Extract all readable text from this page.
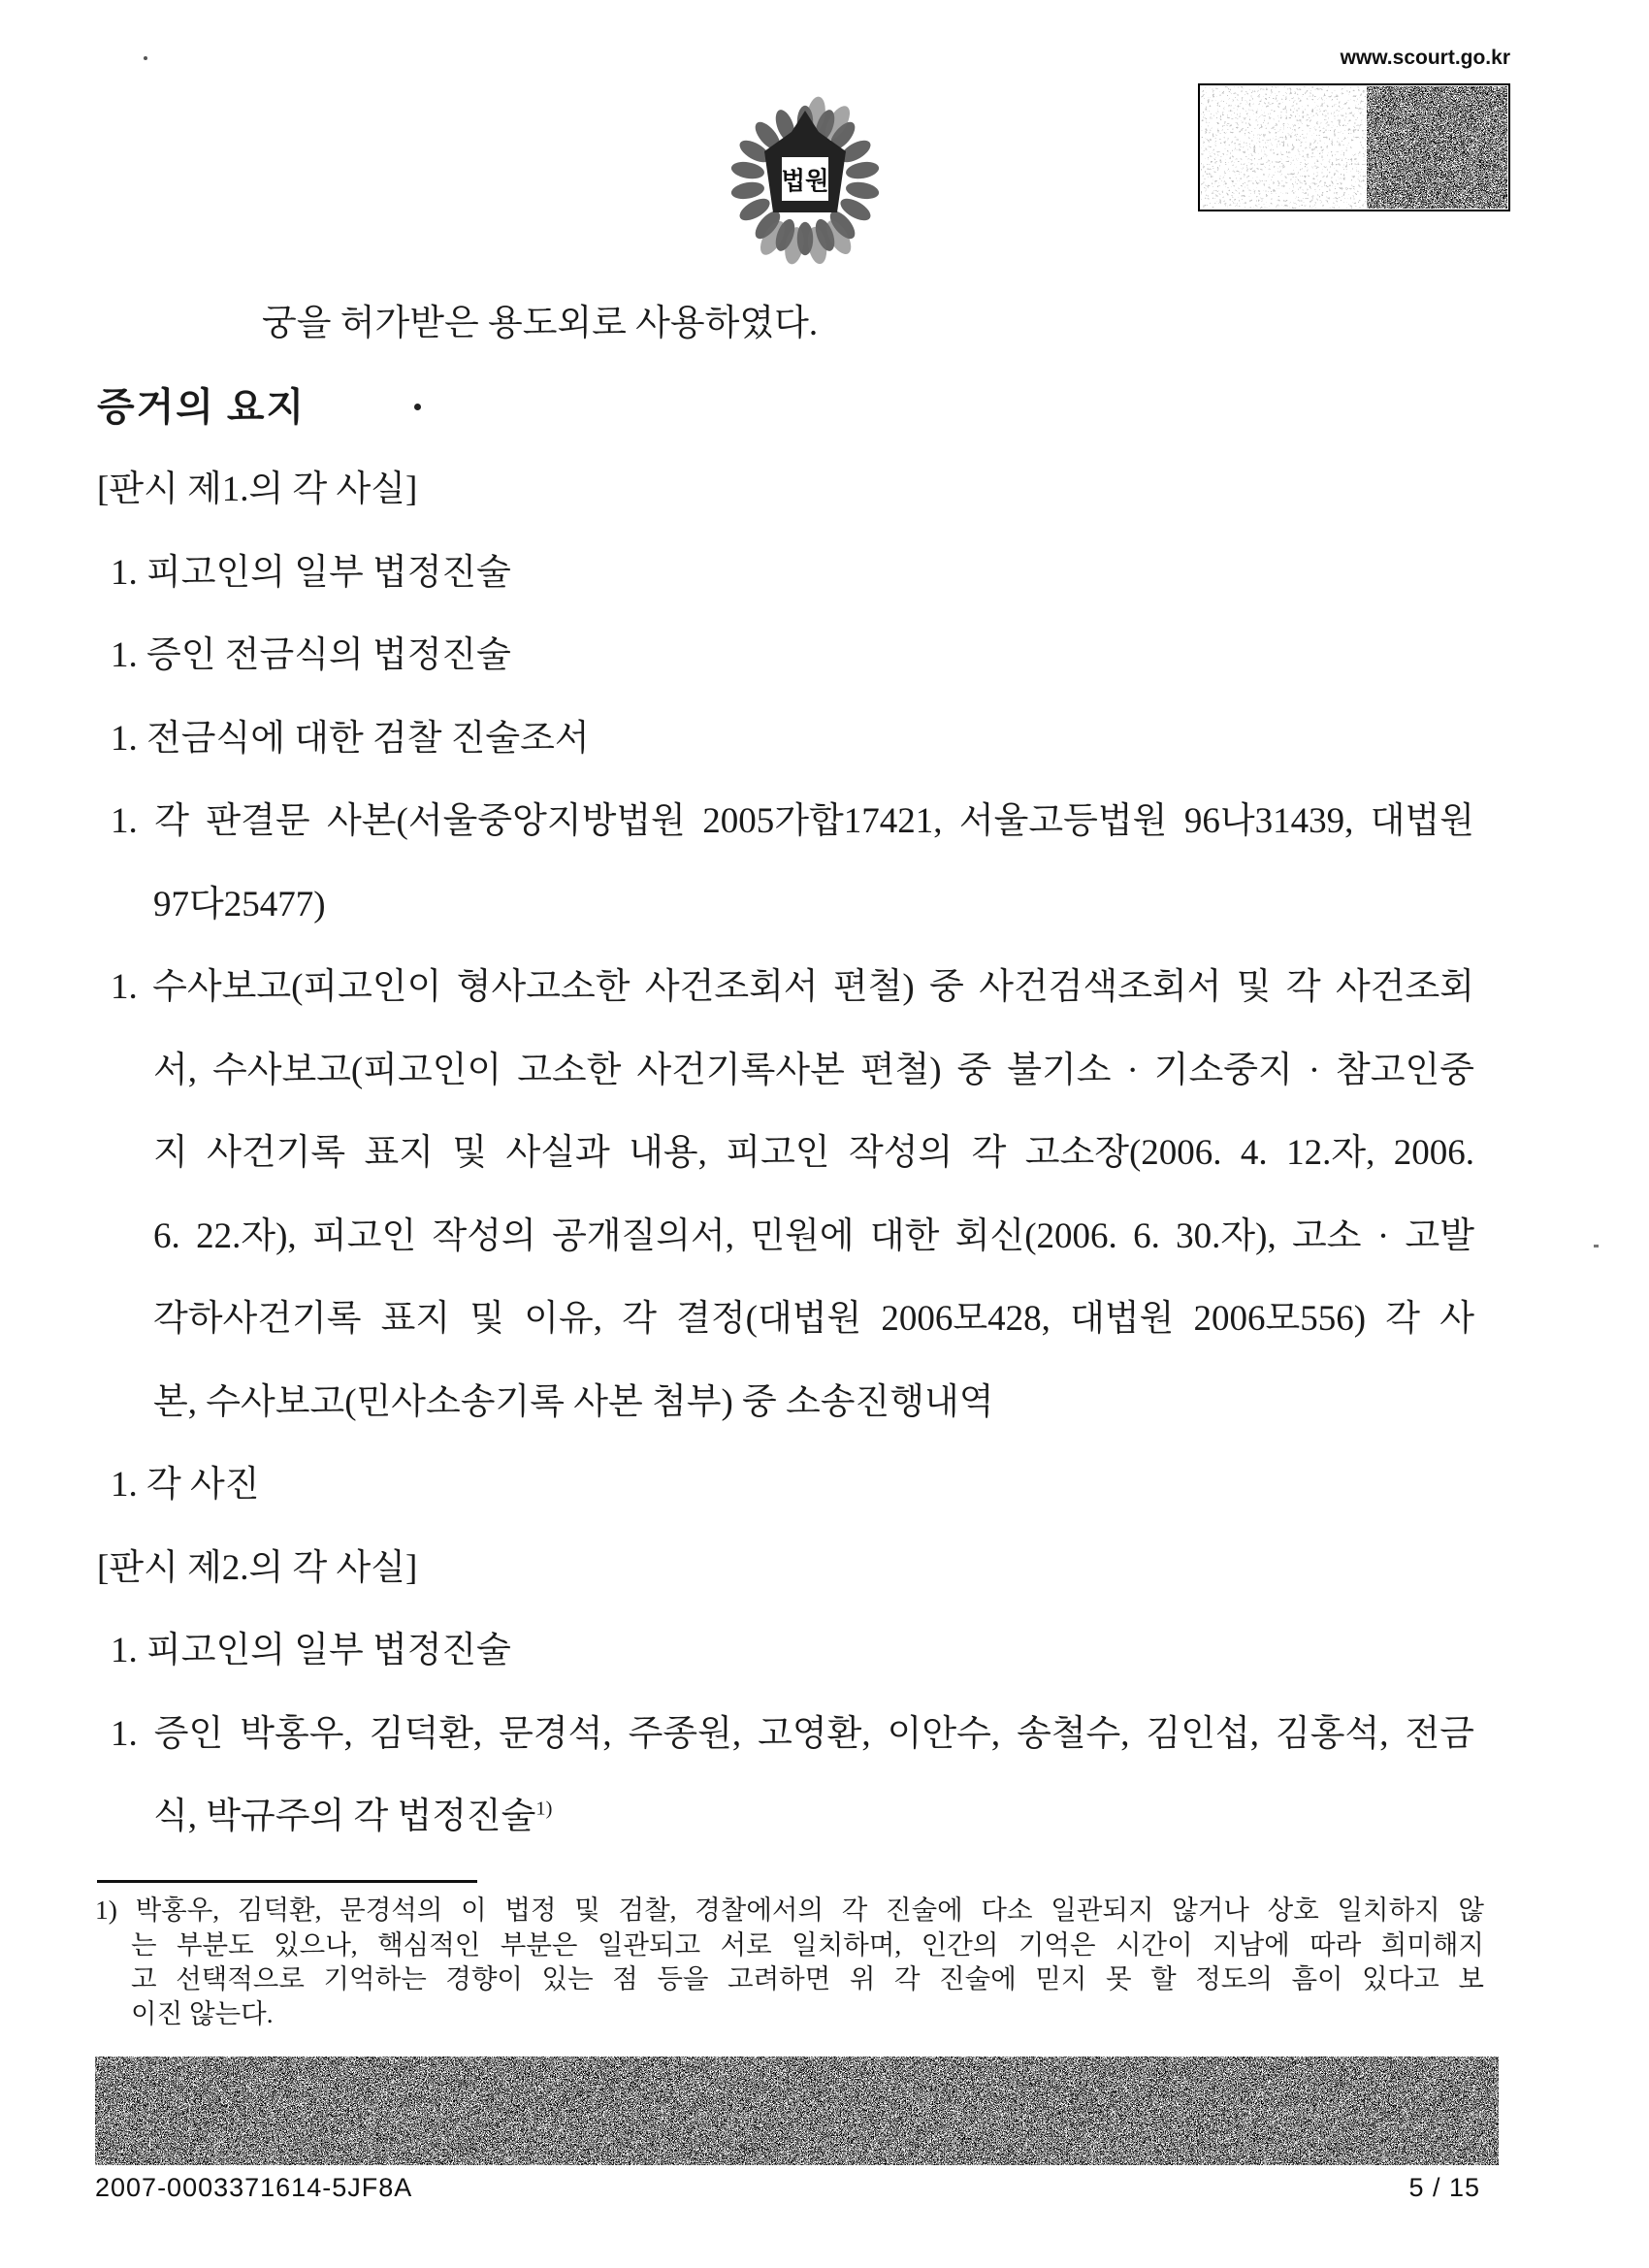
법원
www.scourt.go.kr
궁을 허가받은 용도외로 사용하였다.
증거의 요지
[판시 제1.의 각 사실]
1. 피고인의 일부 법정진술
1. 증인 전금식의 법정진술
1. 전금식에 대한 검찰 진술조서
1. 각 판결문 사본(서울중앙지방법원 2005가합17421, 서울고등법원 96나31439, 대법원
97다25477)
1. 수사보고(피고인이 형사고소한 사건조회서 편철) 중 사건검색조회서 및 각 사건조회
서, 수사보고(피고인이 고소한 사건기록사본 편철) 중 불기소 · 기소중지 · 참고인중
지 사건기록 표지 및 사실과 내용, 피고인 작성의 각 고소장(2006. 4. 12.자, 2006.
6. 22.자), 피고인 작성의 공개질의서, 민원에 대한 회신(2006. 6. 30.자), 고소 · 고발
각하사건기록 표지 및 이유, 각 결정(대법원 2006모428, 대법원 2006모556) 각 사
본, 수사보고(민사소송기록 사본 첨부) 중 소송진행내역
1. 각 사진
[판시 제2.의 각 사실]
1. 피고인의 일부 법정진술
1. 증인 박홍우, 김덕환, 문경석, 주종원, 고영환, 이안수, 송철수, 김인섭, 김홍석, 전금
식, 박규주의 각 법정진술$^{1)}$
1) 박홍우, 김덕환, 문경석의 이 법정 및 검찰, 경찰에서의 각 진술에 다소 일관되지 않거나 상호 일치하지 않
는 부분도 있으나, 핵심적인 부분은 일관되고 서로 일치하며, 인간의 기억은 시간이 지남에 따라 희미해지
고 선택적으로 기억하는 경향이 있는 점 등을 고려하면 위 각 진술에 믿지 못 할 정도의 흠이 있다고 보
이진 않는다.
2007-0003371614-5JF8A	5 / 15
